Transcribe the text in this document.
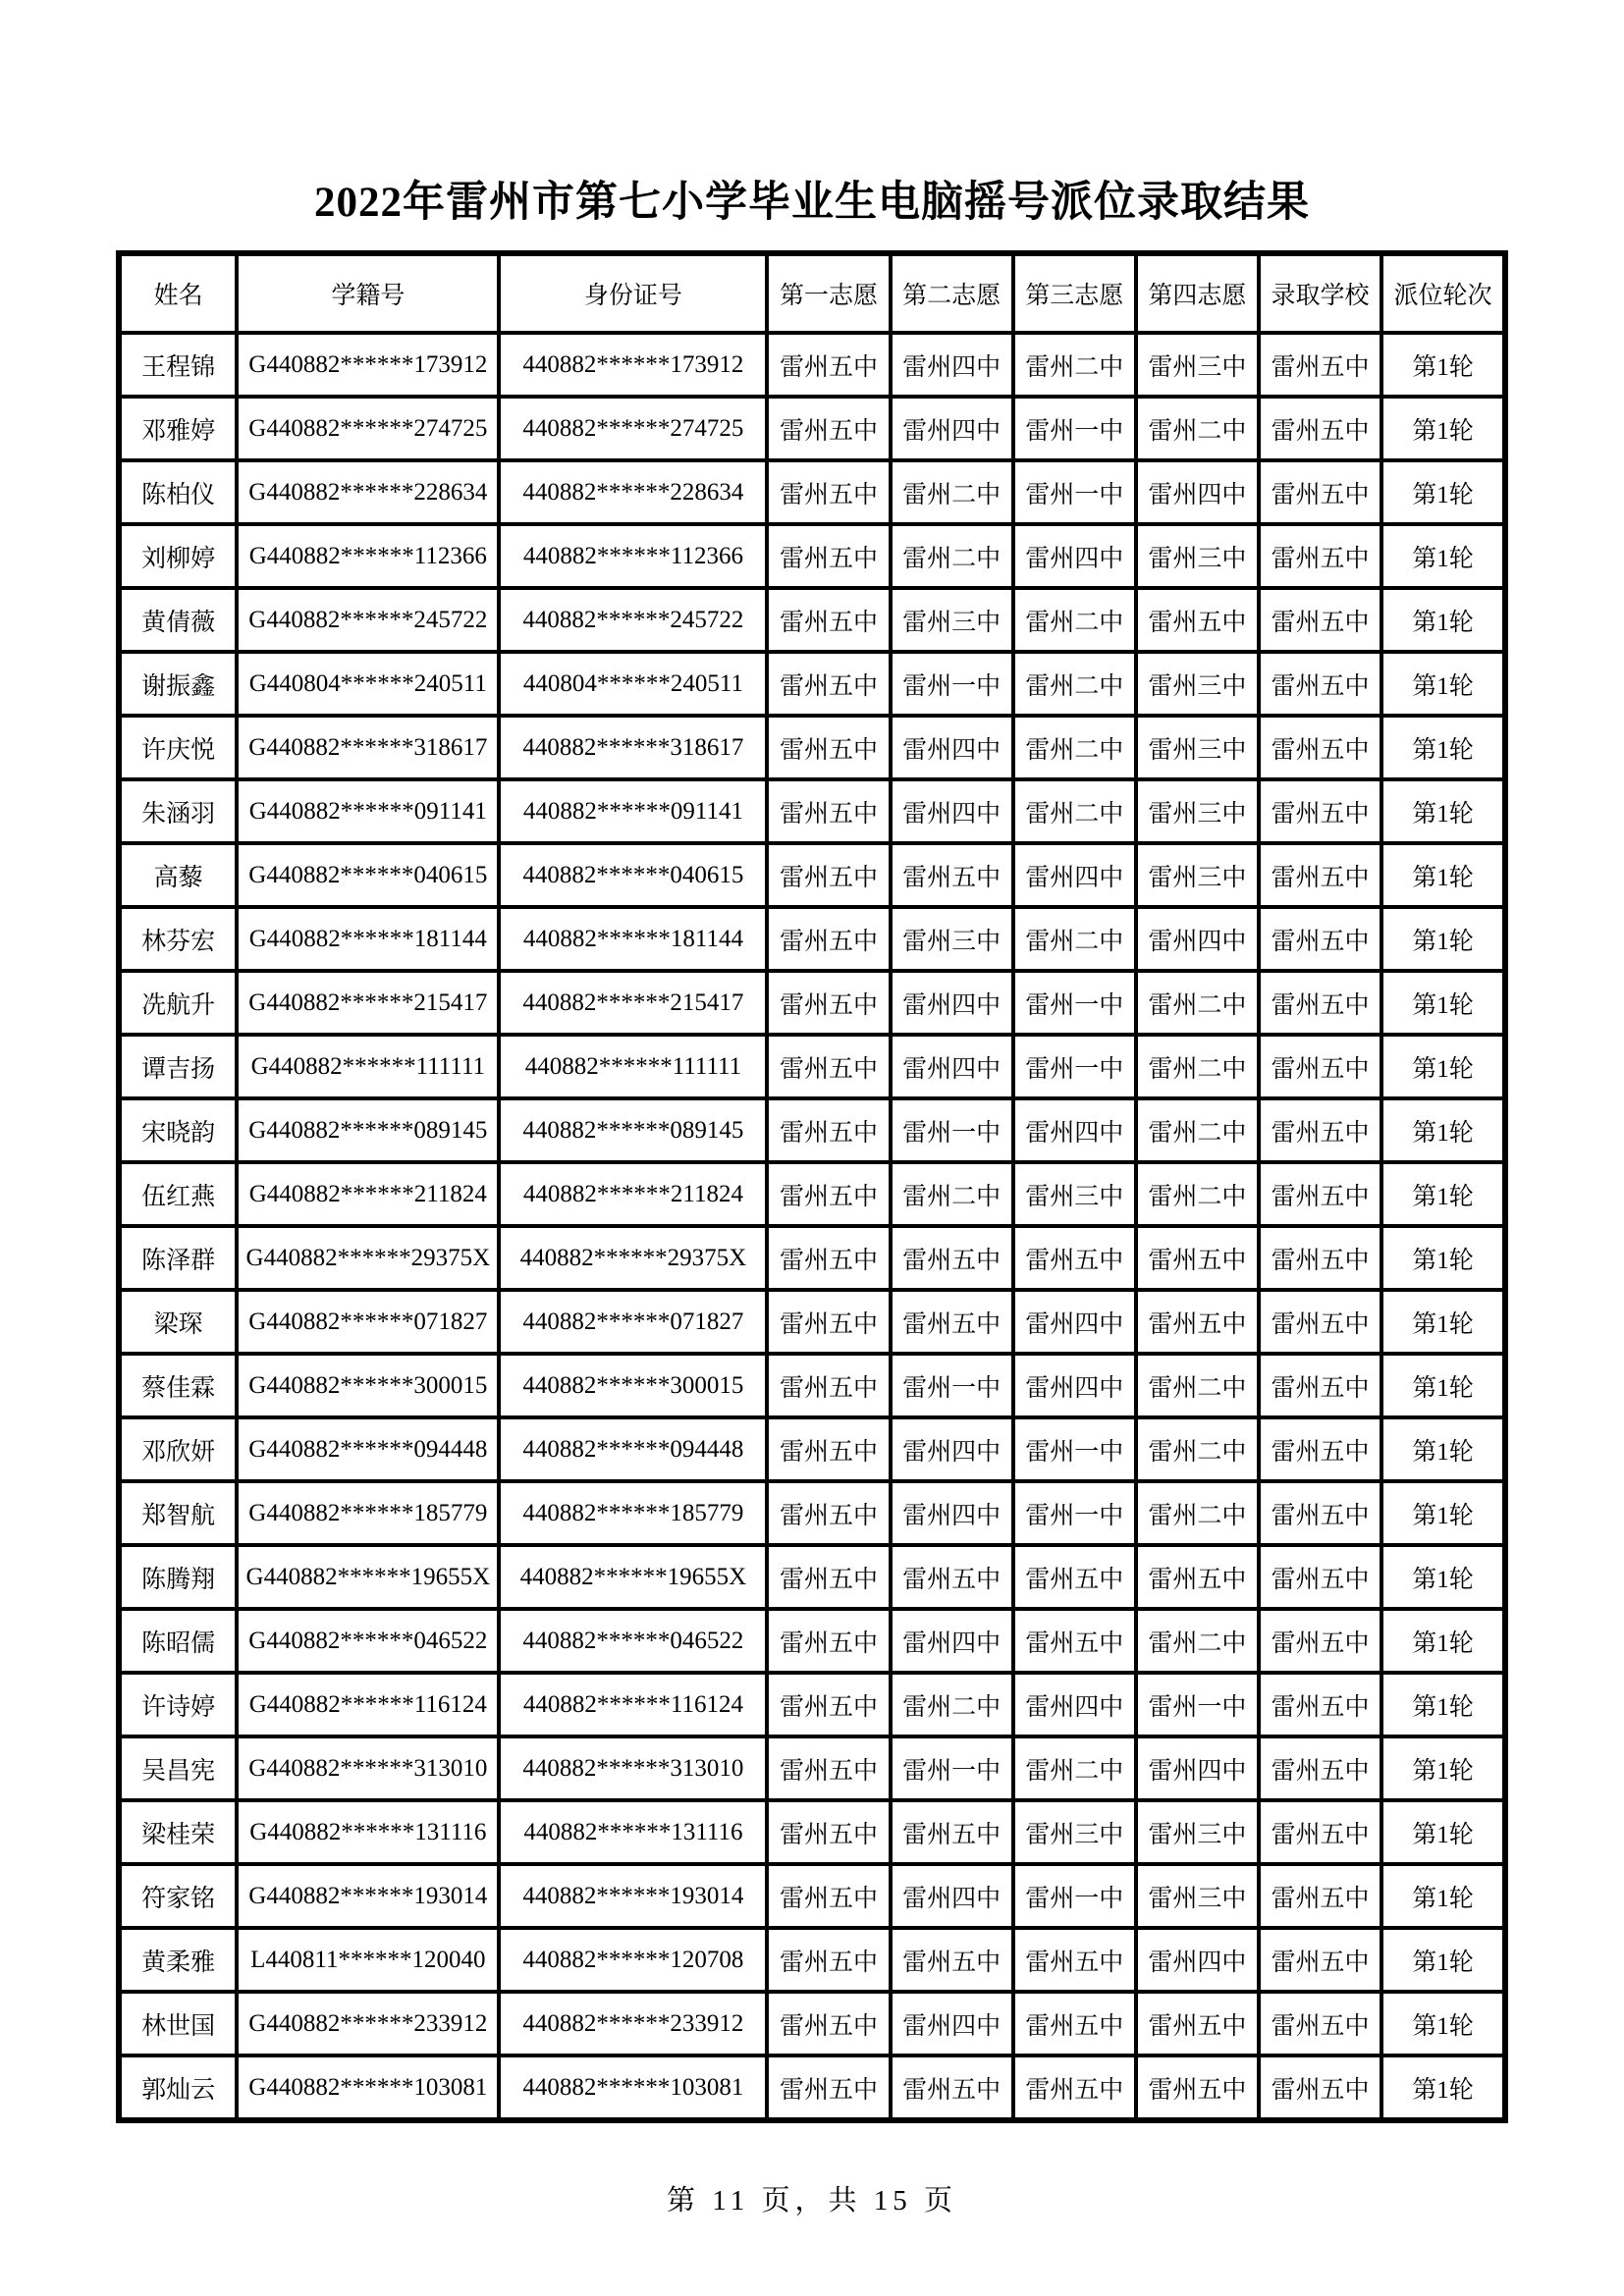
2022年雷州市第七小学毕业生电脑摇号派位录取结果
姓名	学籍号	身份证号	第一志愿	第二志愿	第三志愿	第四志愿	录取学校	派位轮次
王程锦	G440882******173912	440882******173912	雷州五中	雷州四中	雷州二中	雷州三中	雷州五中	第1轮
邓雅婷	G440882******274725	440882******274725	雷州五中	雷州四中	雷州一中	雷州二中	雷州五中	第1轮
陈柏仪	G440882******228634	440882******228634	雷州五中	雷州二中	雷州一中	雷州四中	雷州五中	第1轮
刘柳婷	G440882******112366	440882******112366	雷州五中	雷州二中	雷州四中	雷州三中	雷州五中	第1轮
黄倩薇	G440882******245722	440882******245722	雷州五中	雷州三中	雷州二中	雷州五中	雷州五中	第1轮
谢振鑫	G440804******240511	440804******240511	雷州五中	雷州一中	雷州二中	雷州三中	雷州五中	第1轮
许庆悦	G440882******318617	440882******318617	雷州五中	雷州四中	雷州二中	雷州三中	雷州五中	第1轮
朱涵羽	G440882******091141	440882******091141	雷州五中	雷州四中	雷州二中	雷州三中	雷州五中	第1轮
高藜	G440882******040615	440882******040615	雷州五中	雷州五中	雷州四中	雷州三中	雷州五中	第1轮
林芬宏	G440882******181144	440882******181144	雷州五中	雷州三中	雷州二中	雷州四中	雷州五中	第1轮
冼航升	G440882******215417	440882******215417	雷州五中	雷州四中	雷州一中	雷州二中	雷州五中	第1轮
谭吉扬	G440882******111111	440882******111111	雷州五中	雷州四中	雷州一中	雷州二中	雷州五中	第1轮
宋晓韵	G440882******089145	440882******089145	雷州五中	雷州一中	雷州四中	雷州二中	雷州五中	第1轮
伍红燕	G440882******211824	440882******211824	雷州五中	雷州二中	雷州三中	雷州二中	雷州五中	第1轮
陈泽群	G440882******29375X	440882******29375X	雷州五中	雷州五中	雷州五中	雷州五中	雷州五中	第1轮
梁琛	G440882******071827	440882******071827	雷州五中	雷州五中	雷州四中	雷州五中	雷州五中	第1轮
蔡佳霖	G440882******300015	440882******300015	雷州五中	雷州一中	雷州四中	雷州二中	雷州五中	第1轮
邓欣妍	G440882******094448	440882******094448	雷州五中	雷州四中	雷州一中	雷州二中	雷州五中	第1轮
郑智航	G440882******185779	440882******185779	雷州五中	雷州四中	雷州一中	雷州二中	雷州五中	第1轮
陈腾翔	G440882******19655X	440882******19655X	雷州五中	雷州五中	雷州五中	雷州五中	雷州五中	第1轮
陈昭儒	G440882******046522	440882******046522	雷州五中	雷州四中	雷州五中	雷州二中	雷州五中	第1轮
许诗婷	G440882******116124	440882******116124	雷州五中	雷州二中	雷州四中	雷州一中	雷州五中	第1轮
吴昌宪	G440882******313010	440882******313010	雷州五中	雷州一中	雷州二中	雷州四中	雷州五中	第1轮
梁桂荣	G440882******131116	440882******131116	雷州五中	雷州五中	雷州三中	雷州三中	雷州五中	第1轮
符家铭	G440882******193014	440882******193014	雷州五中	雷州四中	雷州一中	雷州三中	雷州五中	第1轮
黄柔雅	L440811******120040	440882******120708	雷州五中	雷州五中	雷州五中	雷州四中	雷州五中	第1轮
林世国	G440882******233912	440882******233912	雷州五中	雷州四中	雷州五中	雷州五中	雷州五中	第1轮
郭灿云	G440882******103081	440882******103081	雷州五中	雷州五中	雷州五中	雷州五中	雷州五中	第1轮
第 11 页，共 15 页
